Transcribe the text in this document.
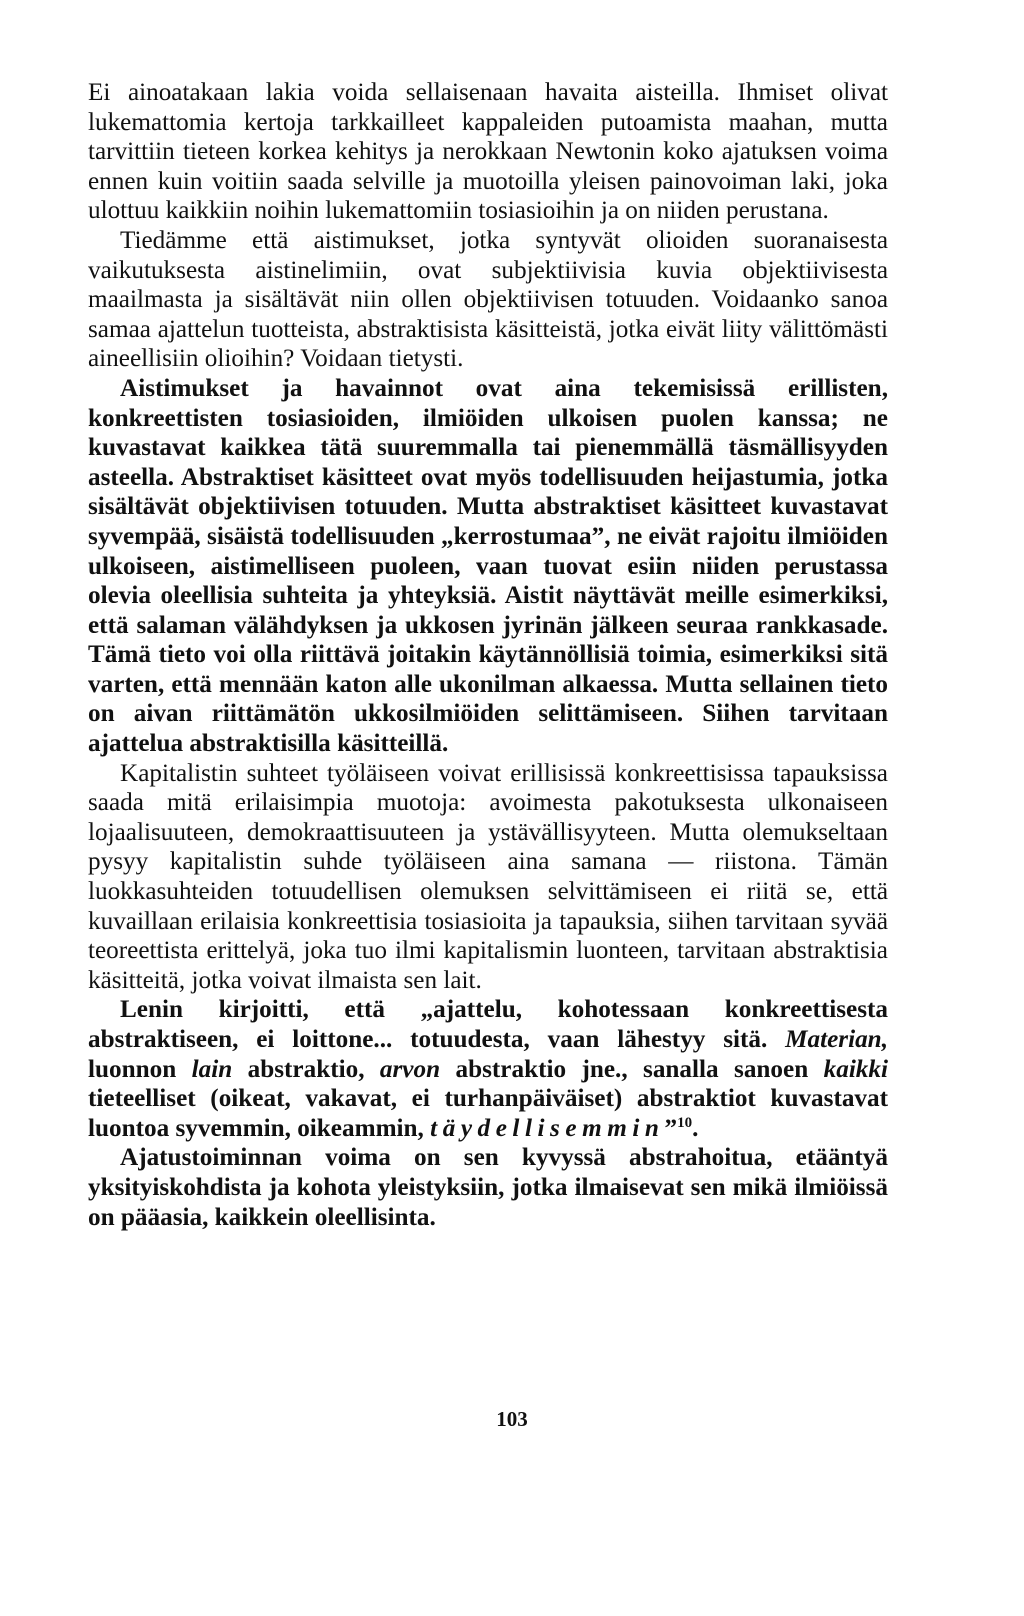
Ei ainoatakaan lakia voida sellaisenaan havaita aisteilla. Ihmiset olivat lukemattomia kertoja tarkkailleet kappaleiden putoamista maahan, mutta tarvittiin tieteen korkea kehitys ja nerokkaan Newtonin koko ajatuksen voima ennen kuin voitiin saada selville ja muotoilla yleisen painovoiman laki, joka ulottuu kaikkiin noihin lukemattomiin tosiasioihin ja on niiden perustana.

Tiedämme että aistimukset, jotka syntyvät olioiden suoranaisesta vaikutuksesta aistinelimiin, ovat subjektiivisia kuvia objektiivisesta maailmasta ja sisältävät niin ollen objektiivisen totuuden. Voidaanko sanoa samaa ajattelun tuotteista, abstraktisista käsitteistä, jotka eivät liity välittömästi aineellisiin olioihin? Voidaan tietysti.

Aistimukset ja havainnot ovat aina tekemisissä erillisten, konkreettisten tosiasioiden, ilmiöiden ulkoisen puolen kanssa; ne kuvastavat kaikkea tätä suuremmalla tai pienemmällä täsmällisyyden asteella. Abstraktiset käsitteet ovat myös todellisuuden heijastumia, jotka sisältävät objektiivisen totuuden. Mutta abstraktiset käsitteet kuvastavat syvempää, sisäistä todellisuuden „kerrostumaa”, ne eivät rajoitu ilmiöiden ulkoiseen, aistimelliseen puoleen, vaan tuovat esiin niiden perustassa olevia oleellisia suhteita ja yhteyksiä. Aistit näyttävät meille esimerkiksi, että salaman välähdyksen ja ukkosen jyrinän jälkeen seuraa rankkasade. Tämä tieto voi olla riittävä joitakin käytännöllisiä toimia, esimerkiksi sitä varten, että mennään katon alle ukonilman alkaessa. Mutta sellainen tieto on aivan riittämätön ukkosilmiöiden selittämiseen. Siihen tarvitaan ajattelua abstraktisilla käsitteillä.

Kapitalistin suhteet työläiseen voivat erillisissä konkreettisissa tapauksissa saada mitä erilaisimpia muotoja: avoimesta pakotuksesta ulkonaiseen lojaalisuuteen, demokraattisuuteen ja ystävällisyyteen. Mutta olemukseltaan pysyy kapitalistin suhde työläiseen aina samana — riistona. Tämän luokkasuhteiden totuudellisen olemuksen selvittämiseen ei riitä se, että kuvaillaan erilaisia konkreettisia tosiasioita ja tapauksia, siihen tarvitaan syvää teoreettista erittelyä, joka tuo ilmi kapitalismin luonteen, tarvitaan abstraktisia käsitteitä, jotka voivat ilmaista sen lait.

Lenin kirjoitti, että „ajattelu, kohotessaan konkreettisesta abstraktiseen, ei loittone... totuudesta, vaan lähestyy sitä. Materian, luonnon lain abstraktio, arvon abstraktio jne., sanalla sanoen kaikki tieteelliset (oikeat, vakavat, ei turhanpäiväiset) abstraktiot kuvastavat luontoa syvemmin, oikeammin, täydellisemmin”$^{10}$.

Ajatustoiminnan voima on sen kyvyssä abstrahoitua, etääntyä yksityiskohdista ja kohota yleistyksiin, jotka ilmaisevat sen mikä ilmiöissä on pääasia, kaikkein oleellisinta.

103
